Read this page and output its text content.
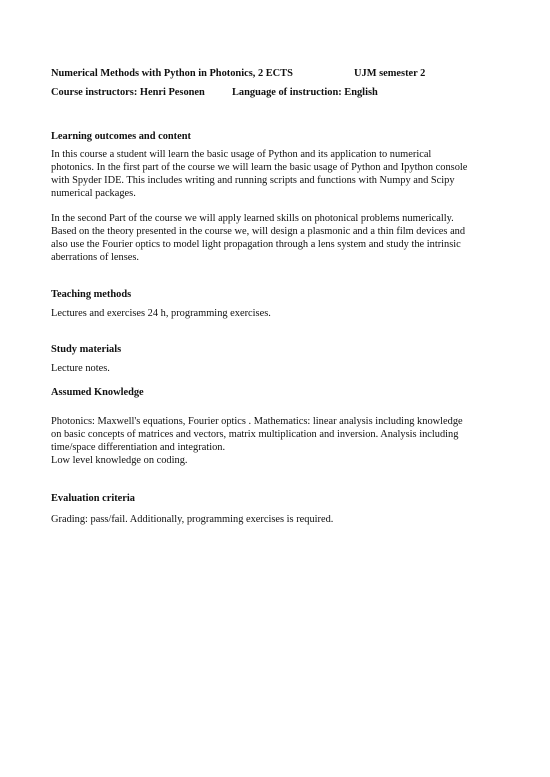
Numerical Methods with Python in Photonics, 2 ECTS	UJM semester 2
Course instructors: Henri Pesonen	Language of instruction: English
Learning outcomes and content
In this course a student will learn the basic usage of Python and its application to numerical
photonics. In the first part of the course we will learn the basic usage of Python and Ipython console
with Spyder IDE. This includes writing and running scripts and functions with Numpy and Scipy
numerical packages.
In the second Part of the course we will apply learned skills on photonical problems numerically.
Based on the theory presented in the course we, will design a plasmonic and a thin film devices and
also use the Fourier optics to model light propagation through a lens system and study the intrinsic
aberrations of lenses.
Teaching methods
Lectures and exercises 24 h, programming exercises.
Study materials
Lecture notes.
Assumed Knowledge
Photonics: Maxwell's equations, Fourier optics . Mathematics: linear analysis including knowledge
on basic concepts of matrices and vectors, matrix multiplication and inversion. Analysis including
time/space differentiation and integration.
Low level knowledge on coding.
Evaluation criteria
Grading: pass/fail. Additionally, programming exercises is required.
